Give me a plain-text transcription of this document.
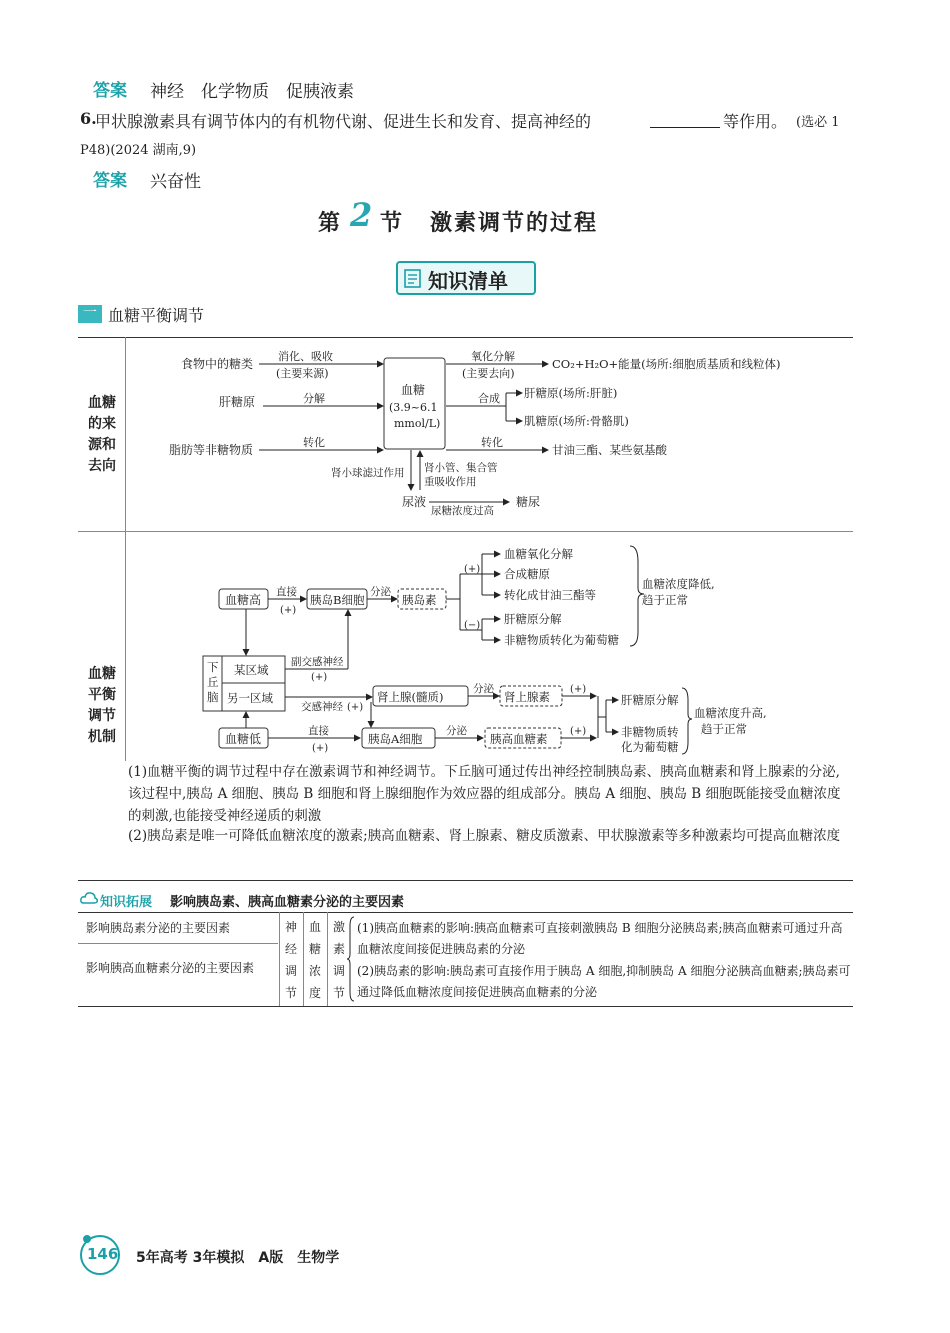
答案 神经　化学物质　促胰液素
6.
甲状腺激素具有调节体内的有机物代谢、促进生长和发育、提高神经的	等作用。 (选必 1
P48)(2024 湖南,9)
答案 兴奋性
第 2 节 激素调节的过程
知识清单
一 血糖平衡调节
血糖
的来
源和
去向
血糖
平衡
调节
机制
食物中的糖类
肝糖原
脂肪等非糖物质
消化、吸收
(主要来源)
分解
转化
血糖
(3.9~6.1
mmol/L)
氧化分解
(主要去向)
CO₂+H₂O+能量(场所:细胞质基质和线粒体)
合成 肝糖原(场所:肝脏)
肌糖原(场所:骨骼肌)
转化
甘油三酯、某些氨基酸
肾小球滤过作用 肾小管、集合管
重吸收作用
尿液
尿糖浓度过高
糖尿
血糖高
直接
(+)
胰岛B细胞
分泌
胰岛素
(+)
(−)
血糖氧化分解
合成糖原
转化成甘油三酯等
肝糖原分解
非糖物质转化为葡萄糖
血糖浓度降低,
趋于正常
下
丘
脑
某区域
另一区域
副交感神经
(+)
交感神经 (+)
肾上腺(髓质)
分泌
肾上腺素
(+)
血糖低
直接
(+)
胰岛A细胞
分泌
胰高血糖素
(+)
肝糖原分解
非糖物质转
化为葡萄糖
血糖浓度升高,
趋于正常
(1)血糖平衡的调节过程中存在激素调节和神经调节。下丘脑可通过传出神经控制胰岛素、胰高血糖素和肾上腺素的分泌,该过程中,胰岛 A 细胞、胰岛 B 细胞和肾上腺细胞作为效应器的组成部分。胰岛 A 细胞、胰岛 B 细胞既能接受血糖浓度的刺激,也能接受神经递质的刺激
(2)胰岛素是唯一可降低血糖浓度的激素;胰高血糖素、肾上腺素、糖皮质激素、甲状腺激素等多种激素均可提高血糖浓度
知识拓展 影响胰岛素、胰高血糖素分泌的主要因素
影响胰岛素分泌的主要因素
影响胰高血糖素分泌的主要因素
神
经
调
节
血
糖
浓
度
激
素
调
节
(1)胰高血糖素的影响:胰高血糖素可直接刺激胰岛 B 细胞分泌胰岛素;胰高血糖素可通过升高血糖浓度间接促进胰岛素的分泌
(2)胰岛素的影响:胰岛素可直接作用于胰岛 A 细胞,抑制胰岛 A 细胞分泌胰高血糖素;胰岛素可通过降低血糖浓度间接促进胰高血糖素的分泌
146 5年高考 3年模拟　A版　生物学
